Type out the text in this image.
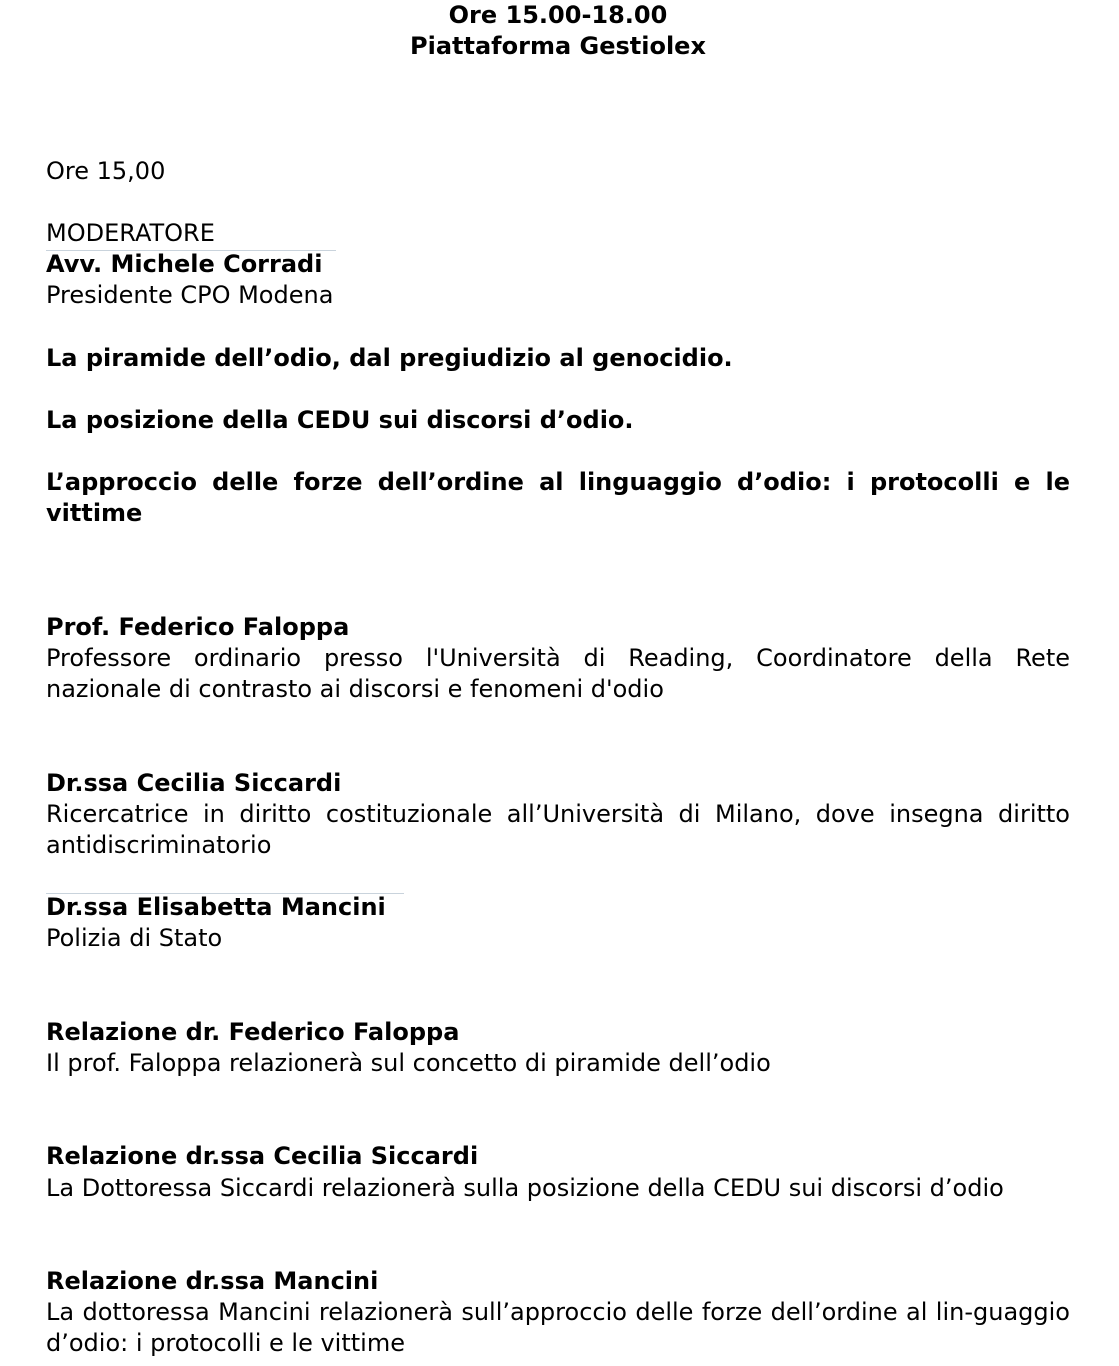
Ore 15.00-18.00
Piattaforma Gestiolex

Ore 15,00

MODERATORE

Avv. Michele Corradi

Presidente CPO Modena

La piramide dell’odio, dal pregiudizio al genocidio.

La posizione della CEDU sui discorsi d’odio.

L’approccio delle forze dell’ordine al linguaggio d’odio: i protocolli e le vittime

Prof. Federico Faloppa

Professore ordinario presso l'Università di Reading, Coordinatore della Rete nazionale di contrasto ai discorsi e fenomeni d'odio

Dr.ssa Cecilia Siccardi

Ricercatrice in diritto costituzionale all’Università di Milano, dove insegna diritto antidiscriminatorio

Dr.ssa Elisabetta Mancini

Polizia di Stato

Relazione dr. Federico Faloppa

Il prof. Faloppa relazionerà sul concetto di piramide dell’odio

Relazione dr.ssa Cecilia Siccardi

La Dottoressa Siccardi relazionerà sulla posizione della CEDU sui discorsi d’odio

Relazione dr.ssa Mancini

La dottoressa Mancini relazionerà sull’approccio delle forze dell’ordine al lin-guaggio d’odio: i protocolli e le vittime
